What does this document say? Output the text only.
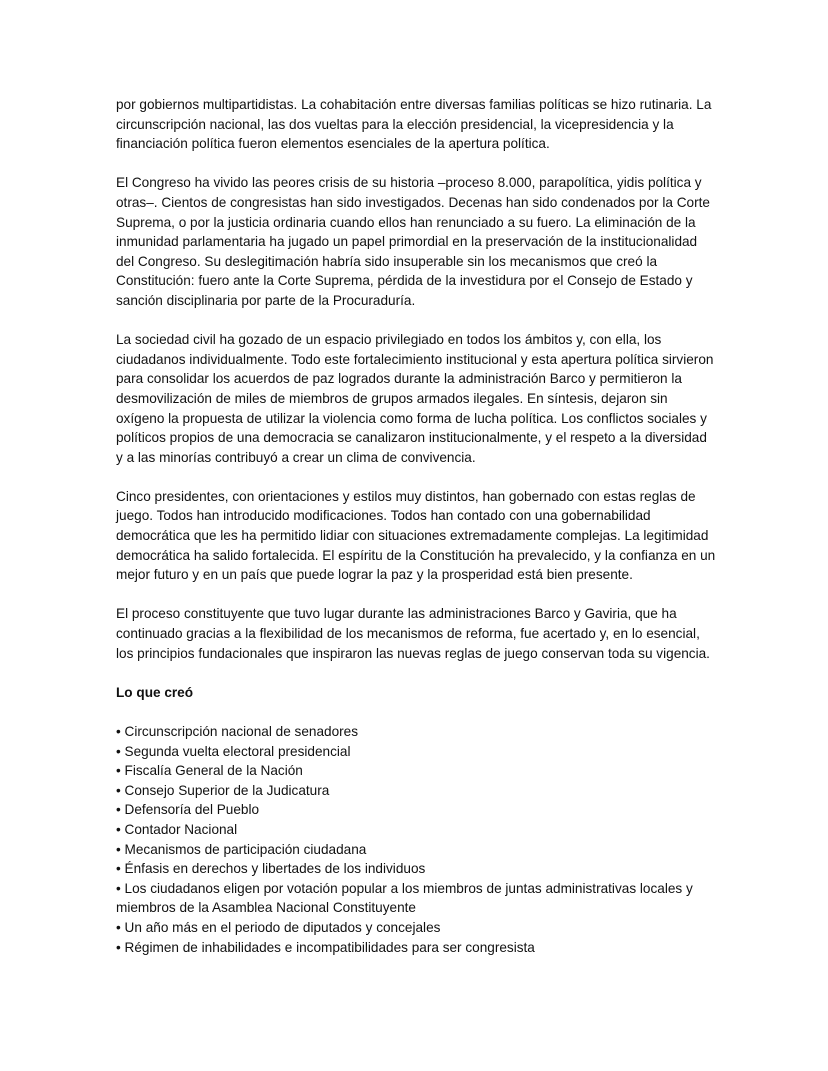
por gobiernos multipartidistas. La cohabitación entre diversas familias políticas se hizo rutinaria. La circunscripción nacional, las dos vueltas para la elección presidencial, la vicepresidencia y la financiación política fueron elementos esenciales de la apertura política.

El Congreso ha vivido las peores crisis de su historia –proceso 8.000, parapolítica, yidis política y otras–. Cientos de congresistas han sido investigados. Decenas han sido condenados por la Corte Suprema, o por la justicia ordinaria cuando ellos han renunciado a su fuero. La eliminación de la inmunidad parlamentaria ha jugado un papel primordial en la preservación de la institucionalidad del Congreso. Su deslegitimación habría sido insuperable sin los mecanismos que creó la Constitución: fuero ante la Corte Suprema, pérdida de la investidura por el Consejo de Estado y sanción disciplinaria por parte de la Procuraduría.

La sociedad civil ha gozado de un espacio privilegiado en todos los ámbitos y, con ella, los ciudadanos individualmente. Todo este fortalecimiento institucional y esta apertura política sirvieron para consolidar los acuerdos de paz logrados durante la administración Barco y permitieron la desmovilización de miles de miembros de grupos armados ilegales. En síntesis, dejaron sin oxígeno la propuesta de utilizar la violencia como forma de lucha política. Los conflictos sociales y políticos propios de una democracia se canalizaron institucionalmente, y el respeto a la diversidad y a las minorías contribuyó a crear un clima de convivencia.

Cinco presidentes, con orientaciones y estilos muy distintos, han gobernado con estas reglas de juego. Todos han introducido modificaciones. Todos han contado con una gobernabilidad democrática que les ha permitido lidiar con situaciones extremadamente complejas. La legitimidad democrática ha salido fortalecida. El espíritu de la Constitución ha prevalecido, y la confianza en un mejor futuro y en un país que puede lograr la paz y la prosperidad está bien presente.

El proceso constituyente que tuvo lugar durante las administraciones Barco y Gaviria, que ha continuado gracias a la flexibilidad de los mecanismos de reforma, fue acertado y, en lo esencial, los principios fundacionales que inspiraron las nuevas reglas de juego conservan toda su vigencia.

Lo que creó

• Circunscripción nacional de senadores
• Segunda vuelta electoral presidencial
• Fiscalía General de la Nación
• Consejo Superior de la Judicatura
• Defensoría del Pueblo
• Contador Nacional
• Mecanismos de participación ciudadana
• Énfasis en derechos y libertades de los individuos
• Los ciudadanos eligen por votación popular a los miembros de juntas administrativas locales y miembros de la Asamblea Nacional Constituyente
• Un año más en el periodo de diputados y concejales
• Régimen de inhabilidades e incompatibilidades para ser congresista
